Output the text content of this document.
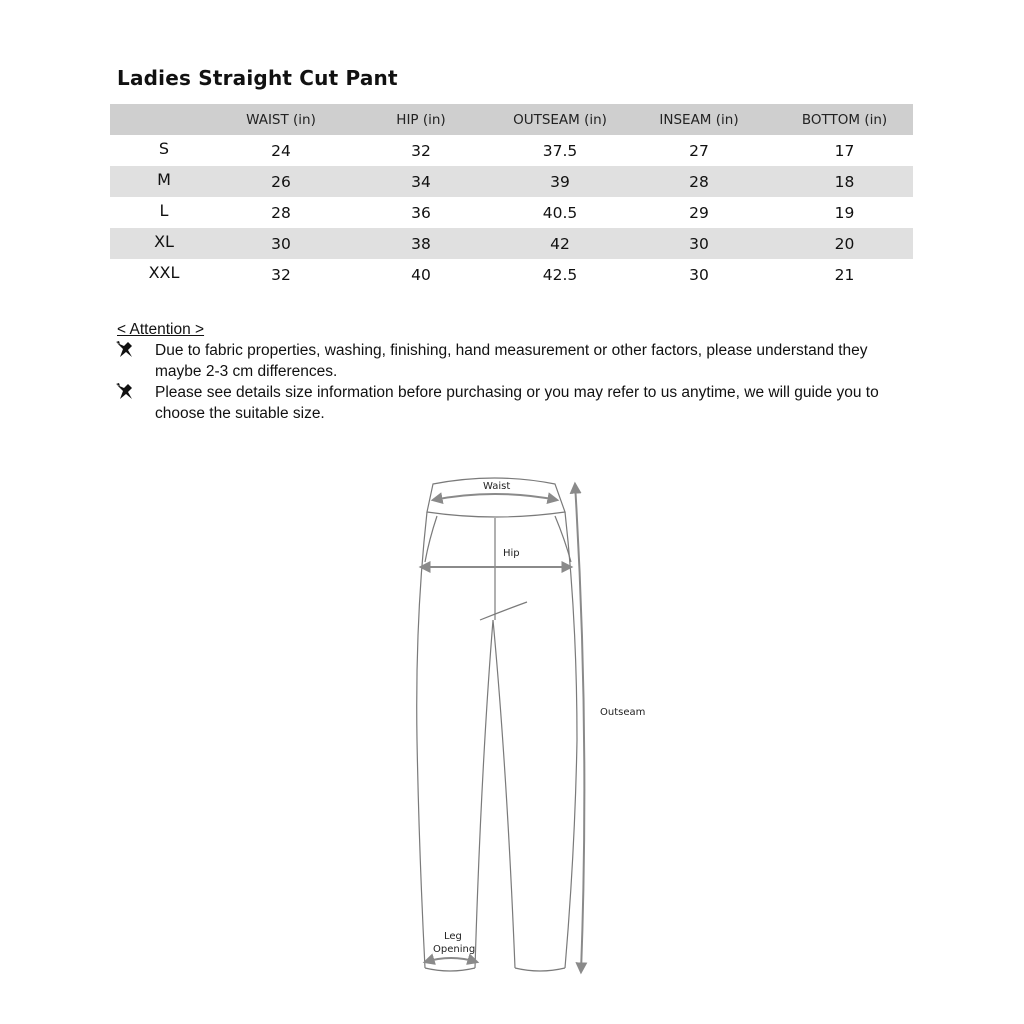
Ladies Straight Cut Pant
	WAIST (in)	HIP (in)	OUTSEAM (in)	INSEAM (in)	BOTTOM (in)
S	24	32	37.5	27	17
M	26	34	39	28	18
L	28	36	40.5	29	19
XL	30	38	42	30	20
XXL	32	40	42.5	30	21
< Attention >
Due to fabric properties, washing, finishing, hand measurement or other factors, please understand they maybe 2-3 cm differences.
Please see details size information before purchasing or you may refer to us anytime, we will guide you to choose the suitable size.
Waist
Hip
Outseam
Leg
Opening
